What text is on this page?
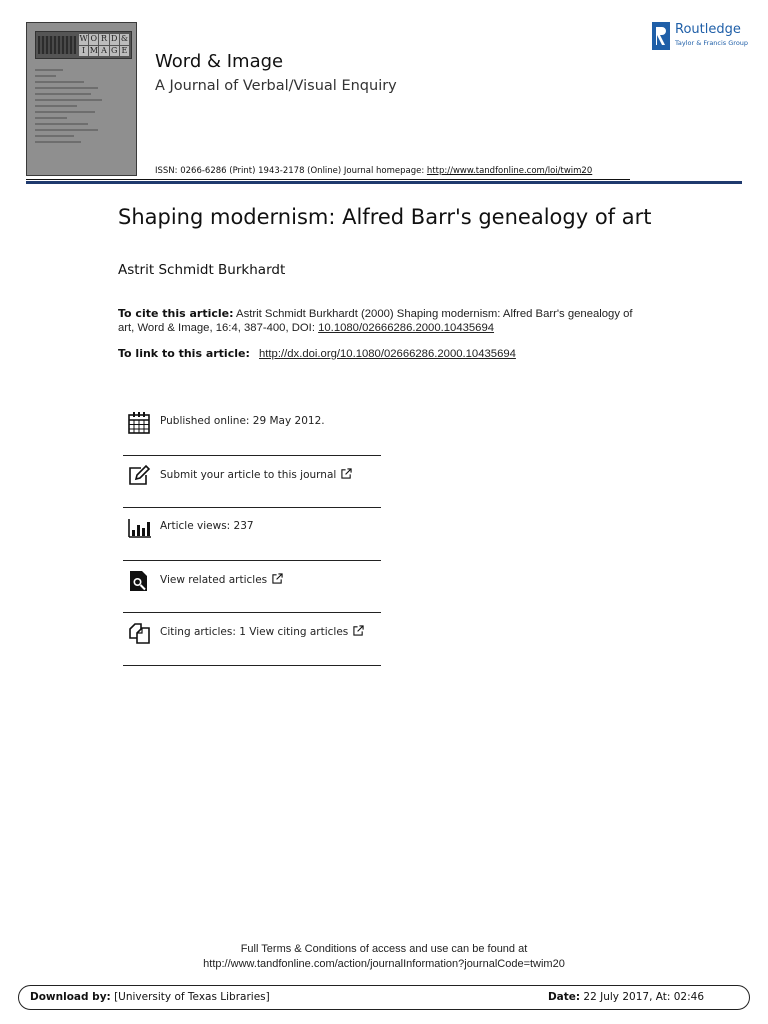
W O R D &
I M A G E
Word & Image

A Journal of Verbal/Visual Enquiry

ISSN: 0266-6286 (Print) 1943-2178 (Online) Journal homepage: http://www.tandfonline.com/loi/twim20
Routledge
Taylor & Francis Group
Shaping modernism: Alfred Barr's genealogy of art

Astrit Schmidt Burkhardt

To cite this article: Astrit Schmidt Burkhardt (2000) Shaping modernism: Alfred Barr's genealogy of art, Word & Image, 16:4, 387-400, DOI: 10.1080/02666286.2000.10435694
To link to this article: http://dx.doi.org/10.1080/02666286.2000.10435694
Published online: 29 May 2012.
Submit your article to this journal
Article views: 237
View related articles
Citing articles: 1 View citing articles
Full Terms & Conditions of access and use can be found at
http://www.tandfonline.com/action/journalInformation?journalCode=twim20
Download by: [University of Texas Libraries]	Date: 22 July 2017, At: 02:46
